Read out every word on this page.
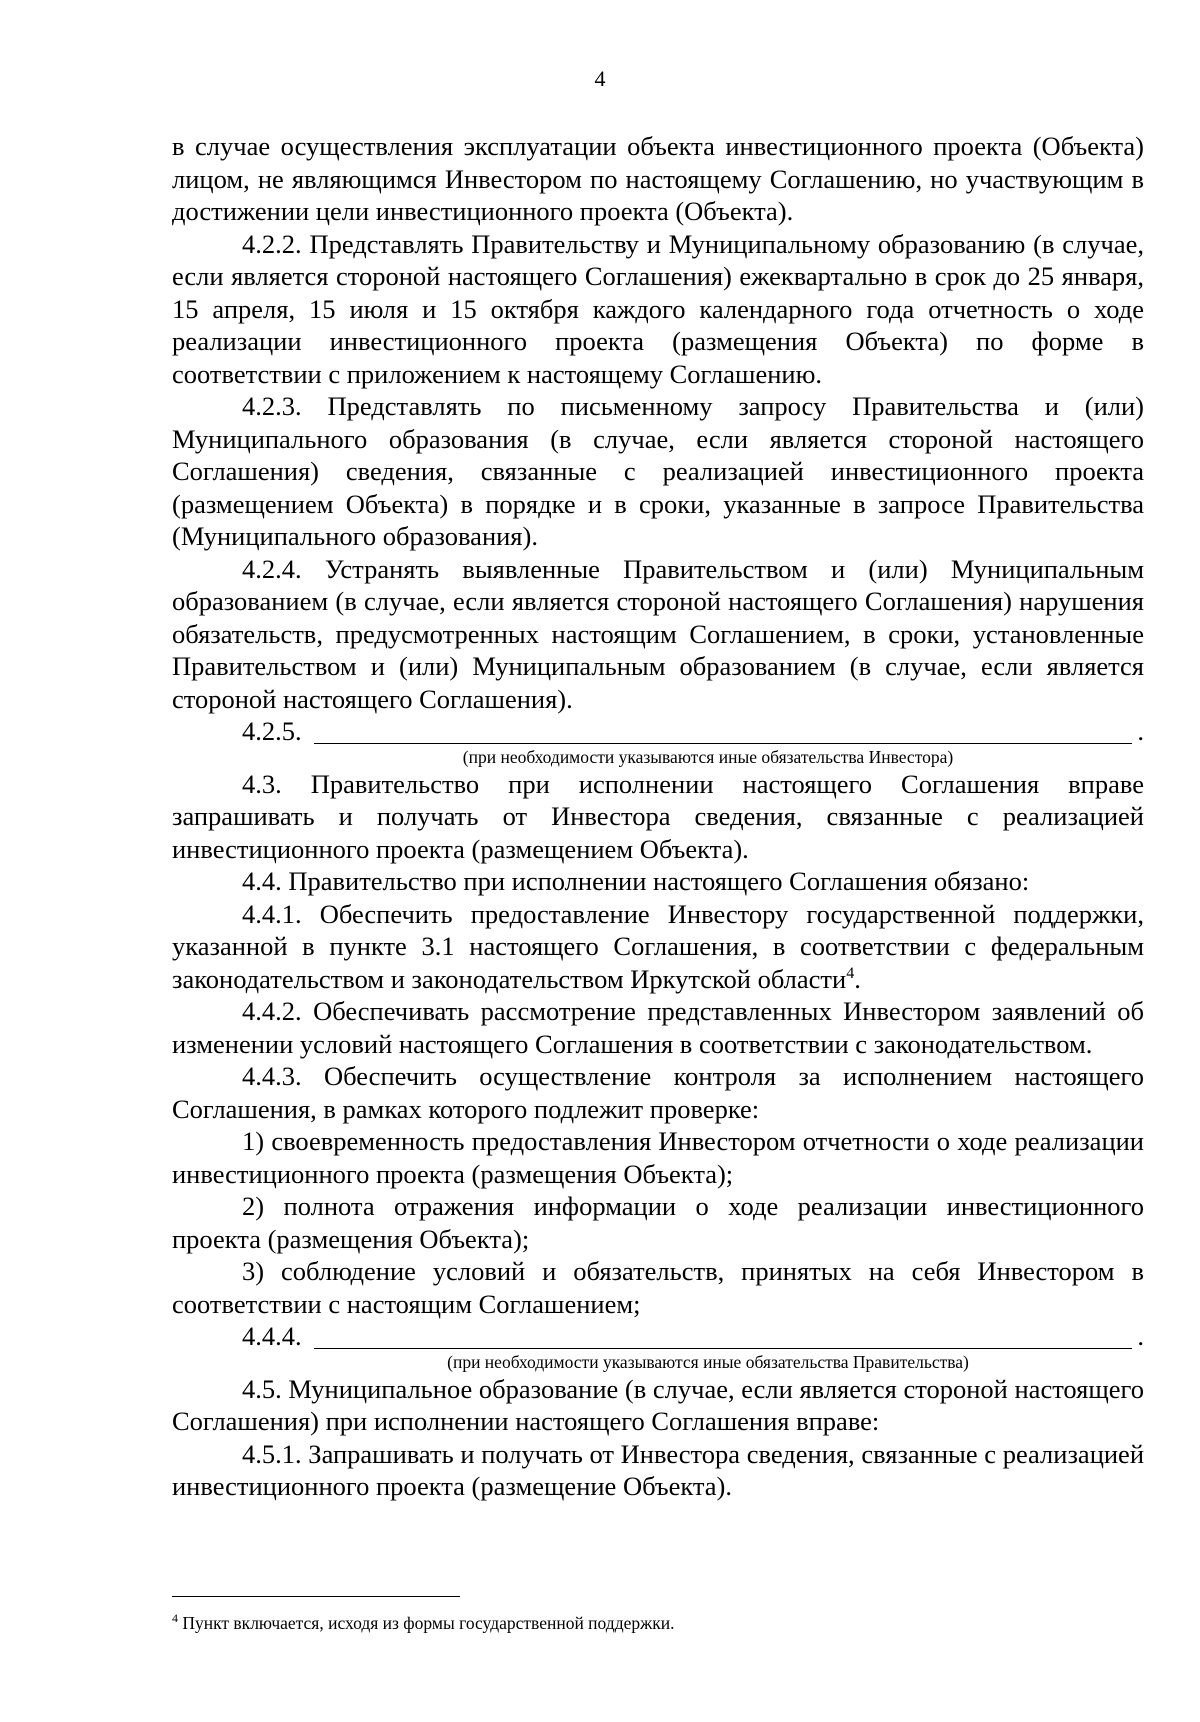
4

в случае осуществления эксплуатации объекта инвестиционного проекта (Объекта) лицом, не являющимся Инвестором по настоящему Соглашению, но участвующим в достижении цели инвестиционного проекта (Объекта).

4.2.2. Представлять Правительству и Муниципальному образованию (в случае, если является стороной настоящего Соглашения) ежеквартально в срок до 25 января, 15 апреля, 15 июля и 15 октября каждого календарного года отчетность о ходе реализации инвестиционного проекта (размещения Объекта) по форме в соответствии с приложением к настоящему Соглашению.

4.2.3. Представлять по письменному запросу Правительства и (или) Муниципального образования (в случае, если является стороной настоящего Соглашения) сведения, связанные с реализацией инвестиционного проекта (размещением Объекта) в порядке и в сроки, указанные в запросе Правительства (Муниципального образования).

4.2.4. Устранять выявленные Правительством и (или) Муниципальным образованием (в случае, если является стороной настоящего Соглашения) нарушения обязательств, предусмотренных настоящим Соглашением, в сроки, установленные Правительством и (или) Муниципальным образованием (в случае, если является стороной настоящего Соглашения).

4.2.5.	.
(при необходимости указываются иные обязательства Инвестора)

4.3. Правительство при исполнении настоящего Соглашения вправе запрашивать и получать от Инвестора сведения, связанные с реализацией инвестиционного проекта (размещением Объекта).

4.4. Правительство при исполнении настоящего Соглашения обязано:

4.4.1. Обеспечить предоставление Инвестору государственной поддержки, указанной в пункте 3.1 настоящего Соглашения, в соответствии с федеральным законодательством и законодательством Иркутской области$^4$.

4.4.2. Обеспечивать рассмотрение представленных Инвестором заявлений об изменении условий настоящего Соглашения в соответствии с законодательством.

4.4.3. Обеспечить осуществление контроля за исполнением настоящего Соглашения, в рамках которого подлежит проверке:

1) своевременность предоставления Инвестором отчетности о ходе реализации инвестиционного проекта (размещения Объекта);

2) полнота отражения информации о ходе реализации инвестиционного проекта (размещения Объекта);

3) соблюдение условий и обязательств, принятых на себя Инвестором в соответствии с настоящим Соглашением;

4.4.4.	.
(при необходимости указываются иные обязательства Правительства)

4.5. Муниципальное образование (в случае, если является стороной настоящего Соглашения) при исполнении настоящего Соглашения вправе:

4.5.1. Запрашивать и получать от Инвестора сведения, связанные с реализацией инвестиционного проекта (размещение Объекта).

$^4$ Пункт включается, исходя из формы государственной поддержки.
